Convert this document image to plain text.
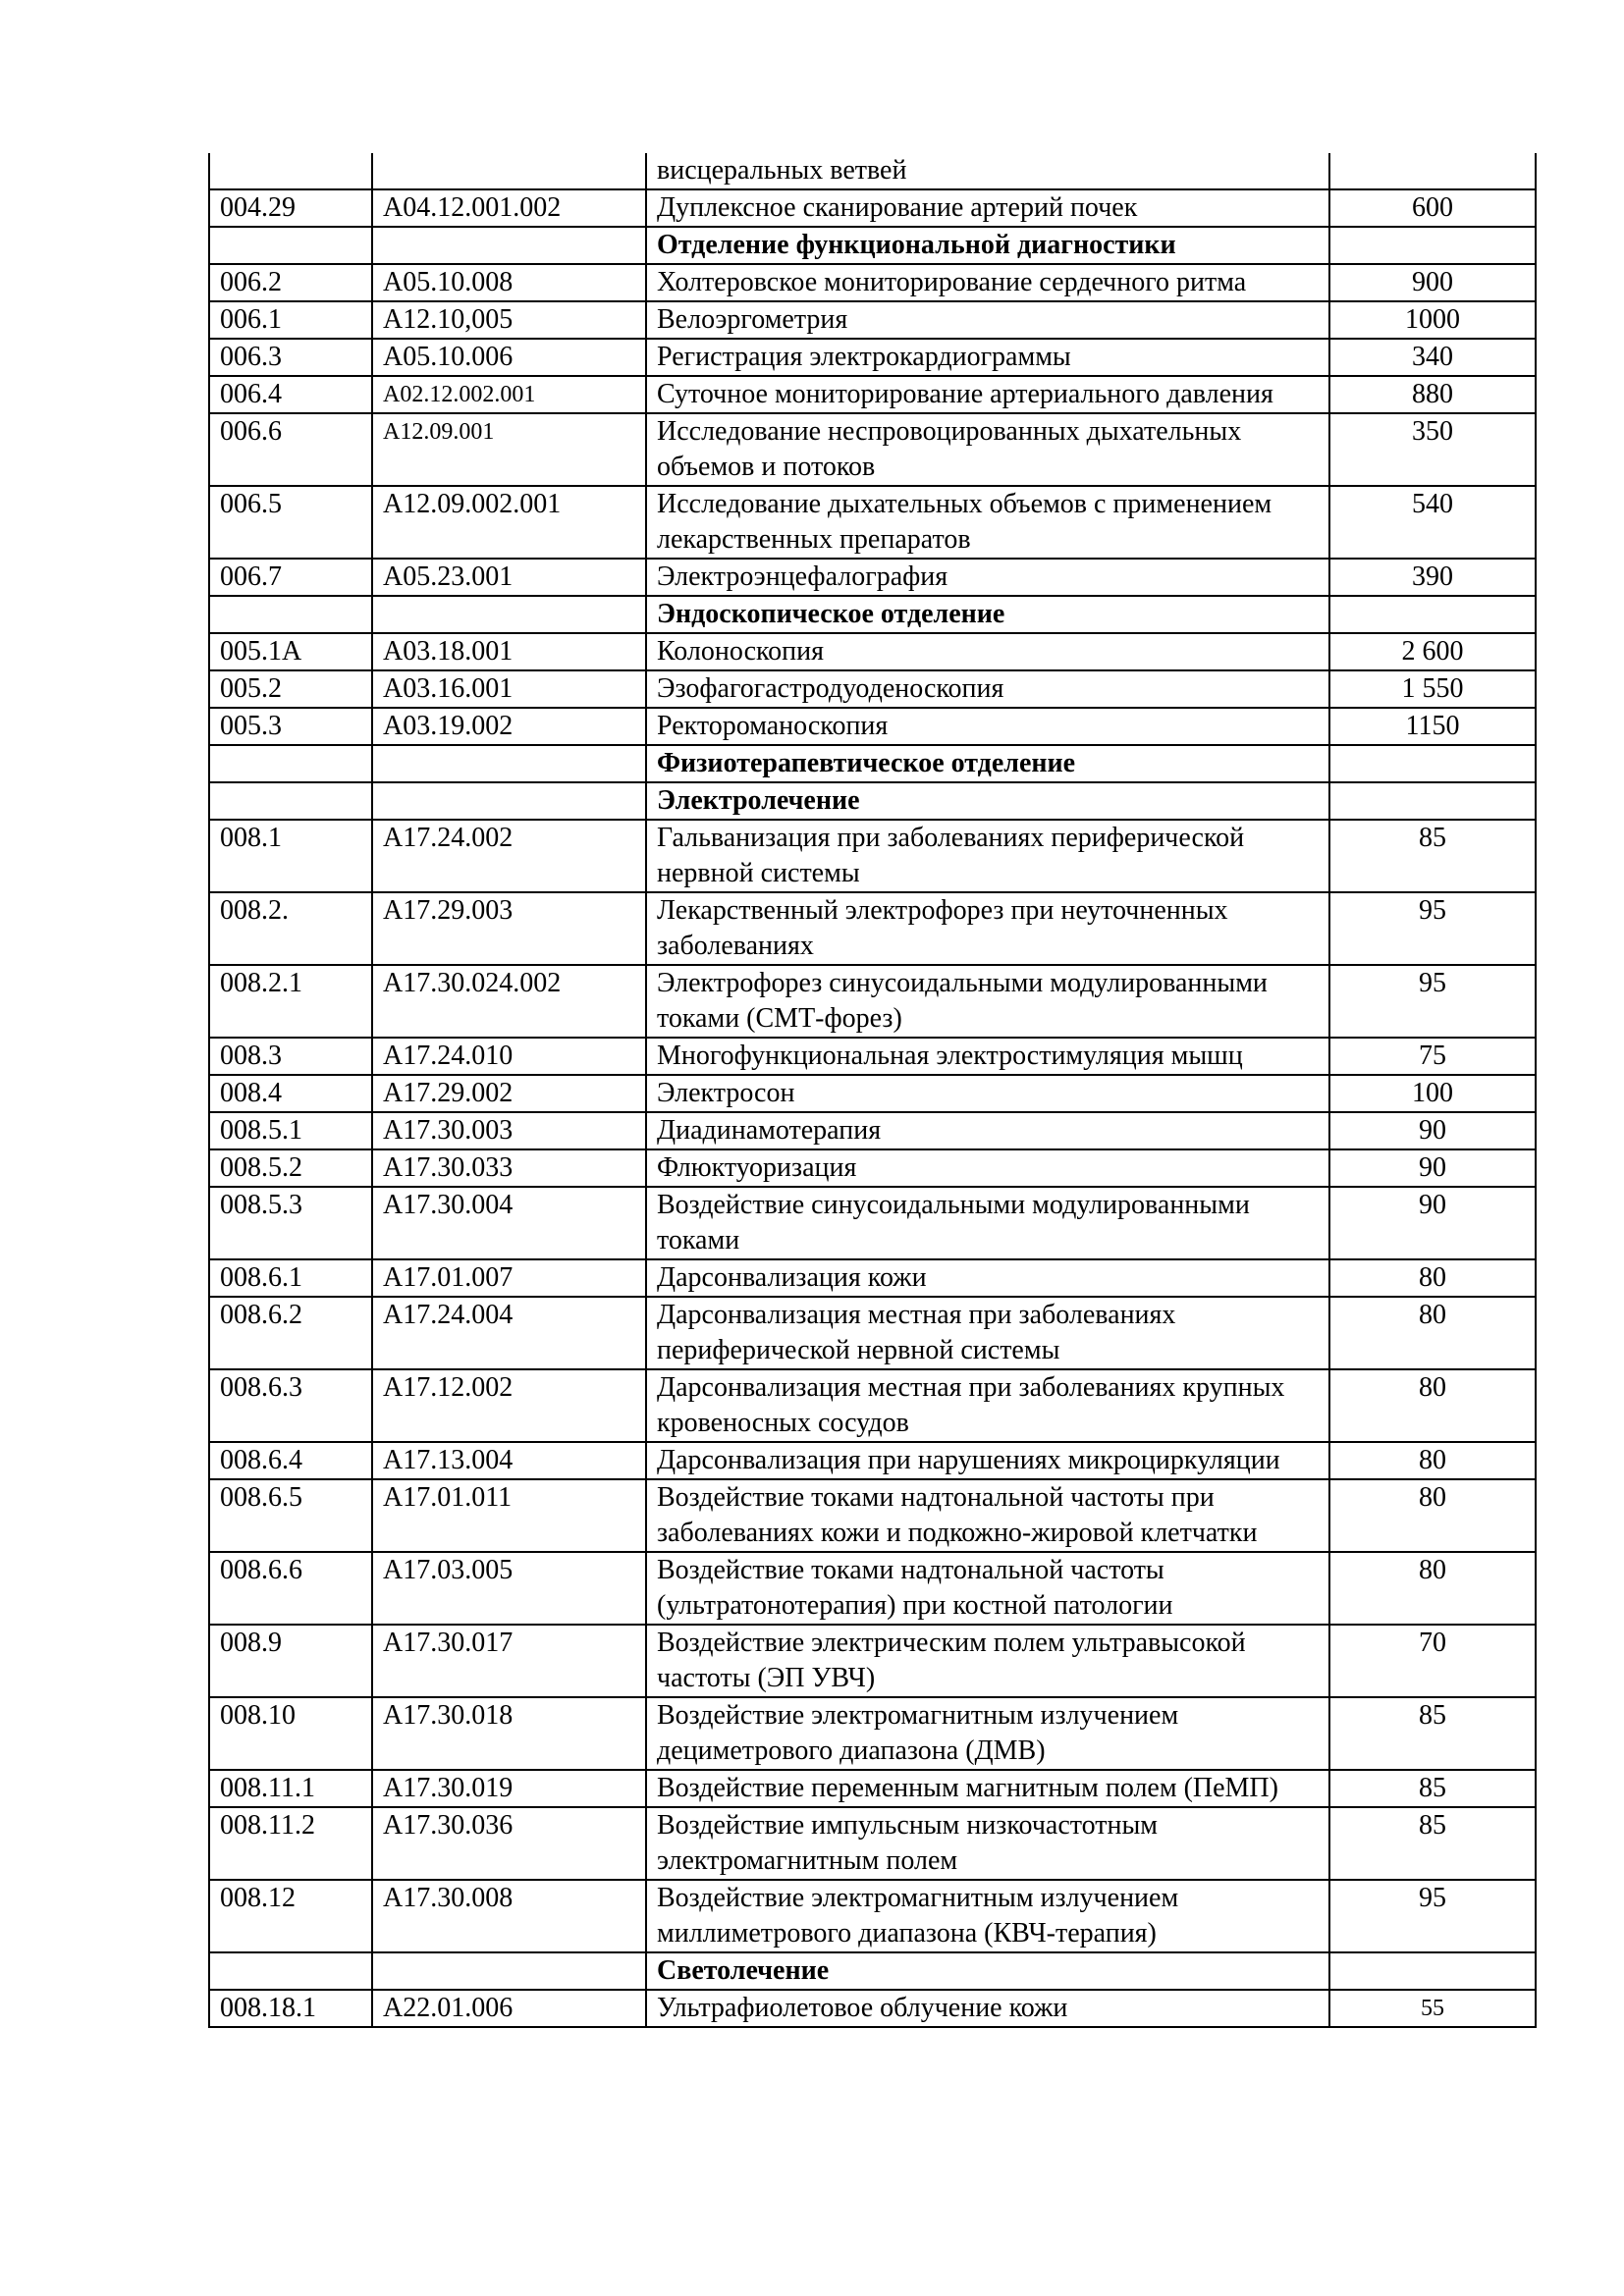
		висцеральных ветвей	
004.29	A04.12.001.002	Дуплексное сканирование артерий почек	600
		Отделение функциональной диагностики	
006.2	A05.10.008	Холтеровское мониторирование сердечного ритма	900
006.1	A12.10,005	Велоэргометрия	1000
006.3	A05.10.006	Регистрация электрокардиограммы	340
006.4	A02.12.002.001	Суточное мониторирование артериального давления	880
006.6	A12.09.001	Исследование неспровоцированных дыхательных объемов и потоков	350
006.5	A12.09.002.001	Исследование дыхательных объемов с применением лекарственных препаратов	540
006.7	A05.23.001	Электроэнцефалография	390
		Эндоскопическое отделение	
005.1A	A03.18.001	Колоноскопия	2 600
005.2	A03.16.001	Эзофагогастродуоденоскопия	1 550
005.3	A03.19.002	Ректороманоскопия	1150
		Физиотерапевтическое отделение	
		Электролечение	
008.1	A17.24.002	Гальванизация при заболеваниях периферической нервной системы	85
008.2.	A17.29.003	Лекарственный электрофорез при неуточненных заболеваниях	95
008.2.1	A17.30.024.002	Электрофорез синусоидальными модулированными токами (СМТ-форез)	95
008.3	A17.24.010	Многофункциональная электростимуляция мышц	75
008.4	A17.29.002	Электросон	100
008.5.1	A17.30.003	Диадинамотерапия	90
008.5.2	A17.30.033	Флюктуоризация	90
008.5.3	A17.30.004	Воздействие синусоидальными модулированными токами	90
008.6.1	A17.01.007	Дарсонвализация кожи	80
008.6.2	A17.24.004	Дарсонвализация местная при заболеваниях периферической нервной системы	80
008.6.3	A17.12.002	Дарсонвализация местная при заболеваниях крупных кровеносных сосудов	80
008.6.4	A17.13.004	Дарсонвализация при нарушениях микроциркуляции	80
008.6.5	A17.01.011	Воздействие токами надтональной частоты при заболеваниях кожи и подкожно-жировой клетчатки	80
008.6.6	A17.03.005	Воздействие токами надтональной частоты (ультратонотерапия) при костной патологии	80
008.9	A17.30.017	Воздействие электрическим полем ультравысокой частоты (ЭП УВЧ)	70
008.10	A17.30.018	Воздействие электромагнитным излучением дециметрового диапазона (ДМВ)	85
008.11.1	A17.30.019	Воздействие переменным магнитным полем (ПеМП)	85
008.11.2	A17.30.036	Воздействие импульсным низкочастотным электромагнитным полем	85
008.12	A17.30.008	Воздействие электромагнитным излучением миллиметрового диапазона (КВЧ-терапия)	95
		Светолечение	
008.18.1	A22.01.006	Ультрафиолетовое облучение кожи	55
